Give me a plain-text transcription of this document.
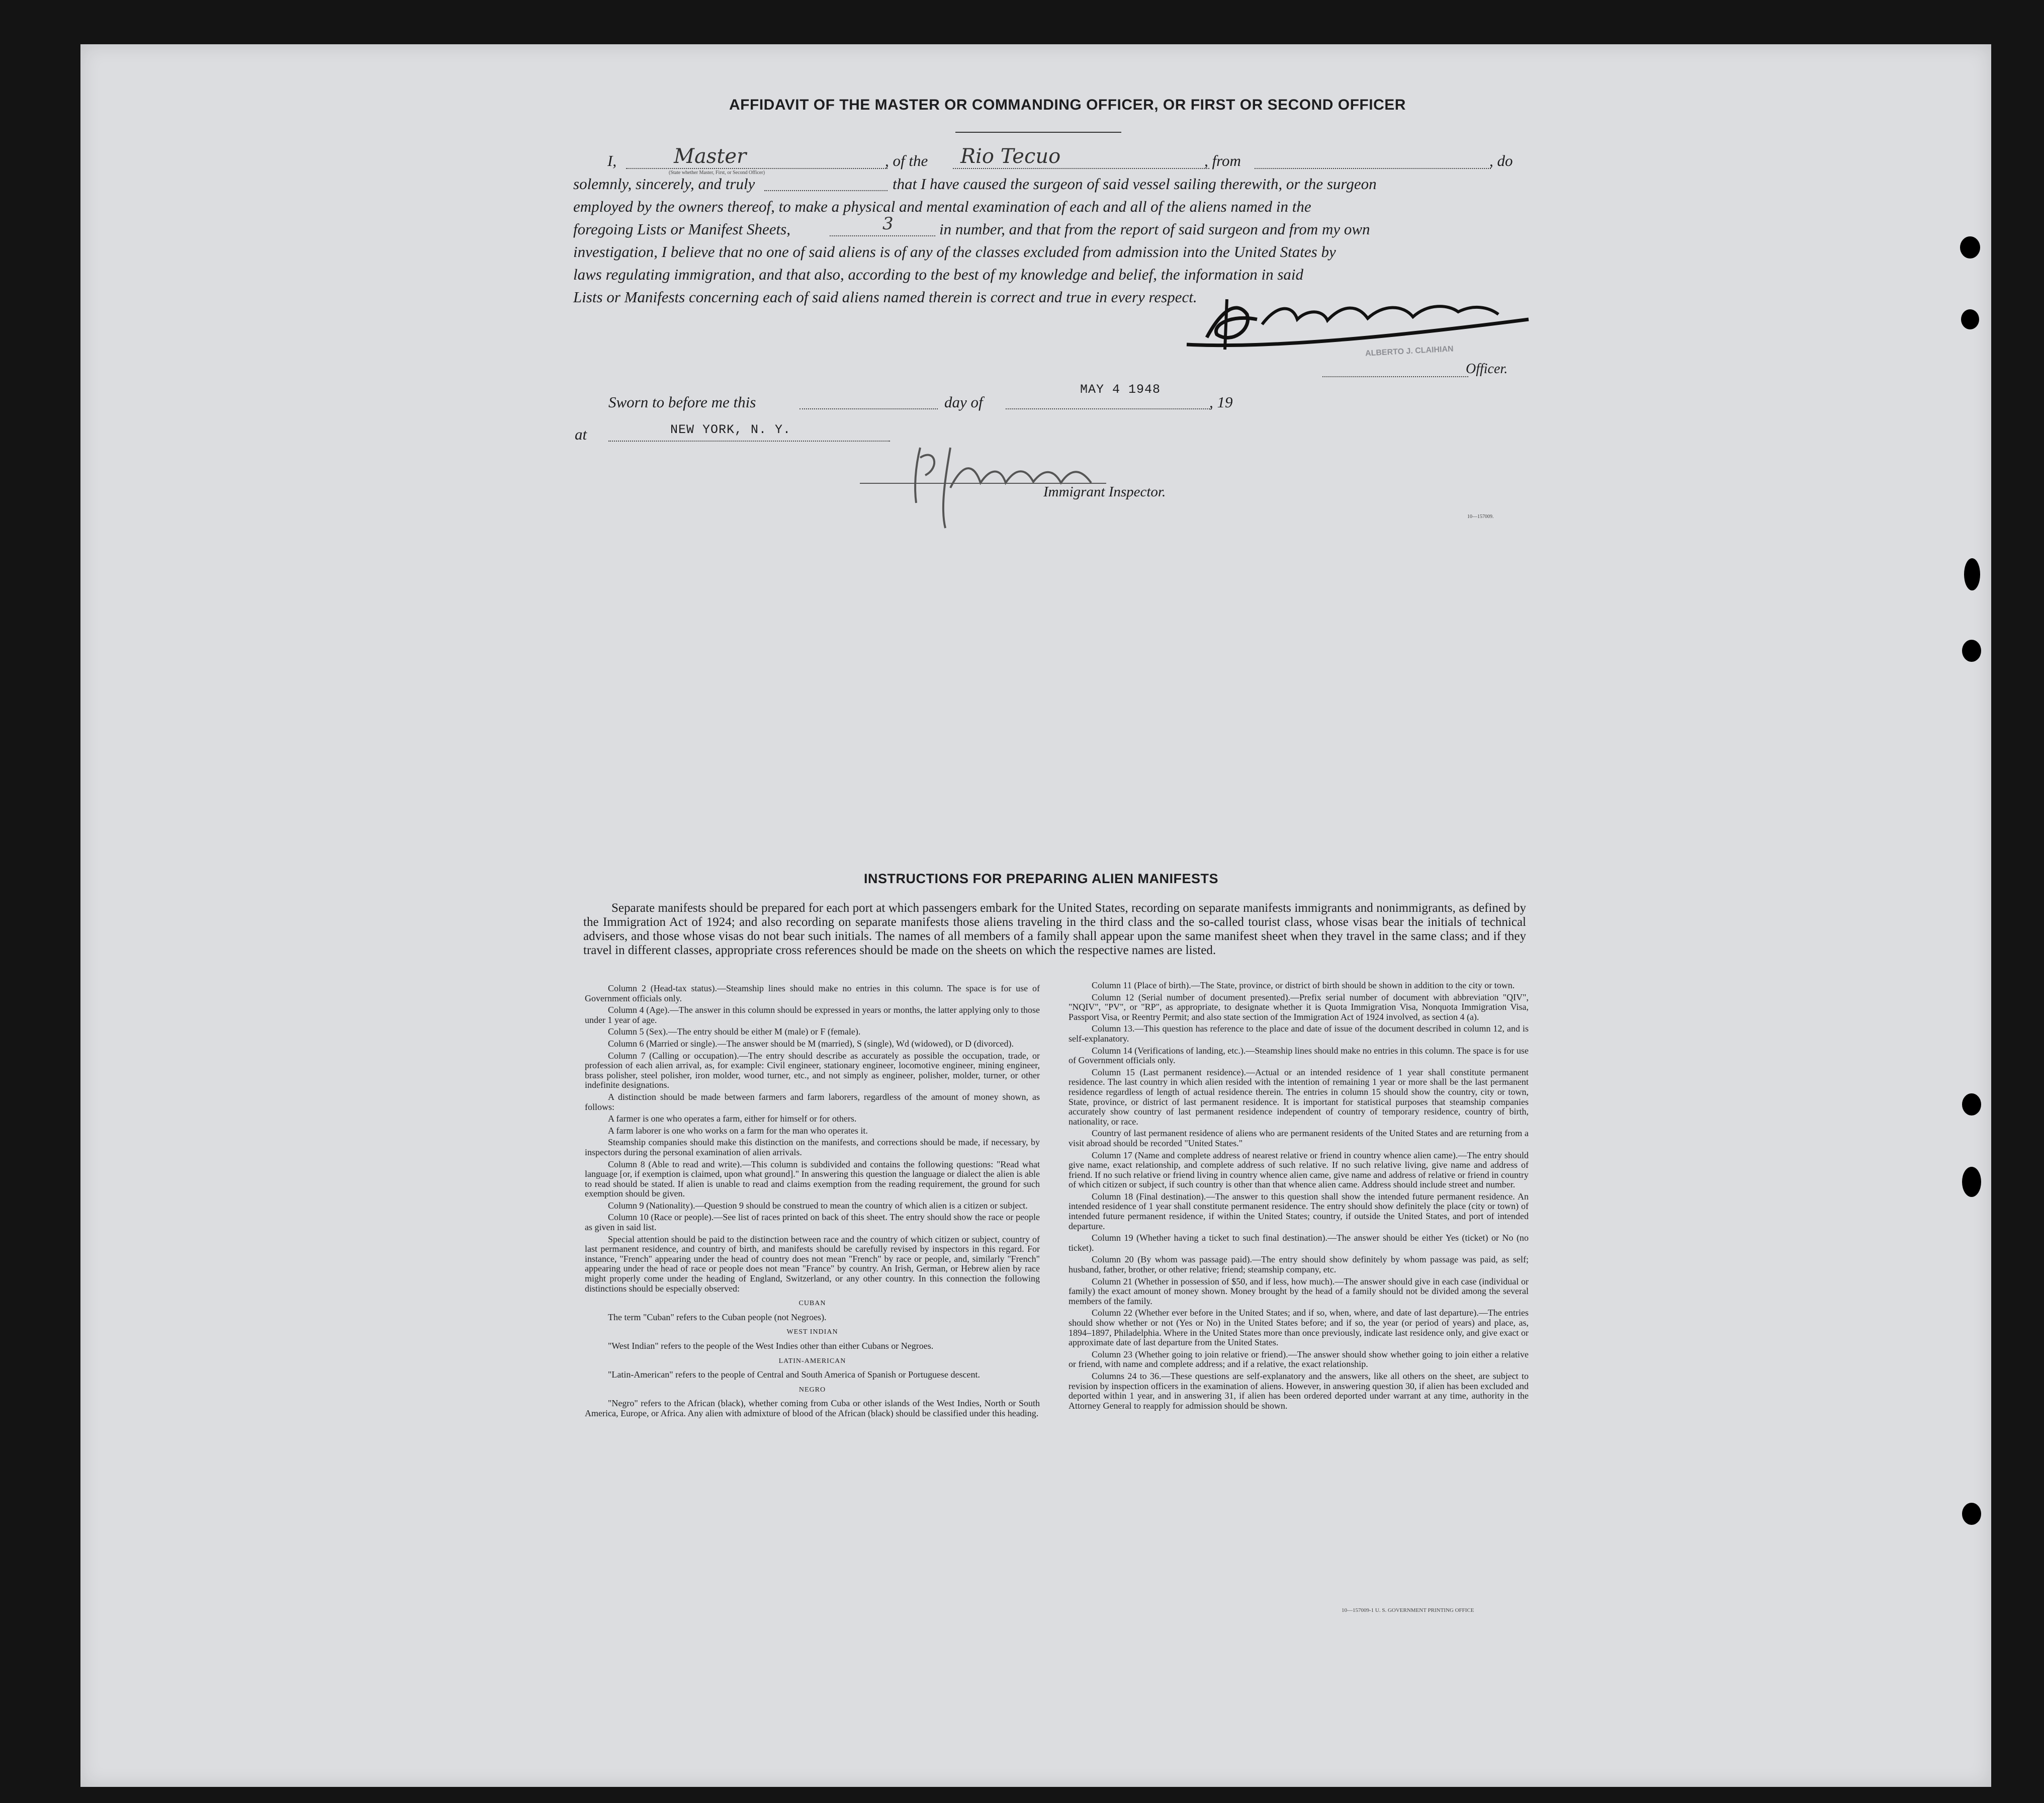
AFFIDAVIT OF THE MASTER OR COMMANDING OFFICER, OR FIRST OR SECOND OFFICER
I,	Master
(State whether Master, First, or Second Officer)
, of the Rio Tecuo	, from	, do
solemnly, sincerely, and truly	that I have caused the surgeon of said vessel sailing therewith, or the surgeon
employed by the owners thereof, to make a physical and mental examination of each and all of the aliens named in the
foregoing Lists or Manifest Sheets,	3	in number, and that from the report of said surgeon and from my own
investigation, I believe that no one of said aliens is of any of the classes excluded from admission into the United States by
laws regulating immigration, and that also, according to the best of my knowledge and belief, the information in said
Lists or Manifests concerning each of said aliens named therein is correct and true in every respect.
ALBERTO J. CLAIHIAN
Officer.
Sworn to before me this	day of
MAY 4 1948
, 19
at	NEW YORK, N. Y.
Immigrant Inspector.
10—157009.
INSTRUCTIONS FOR PREPARING ALIEN MANIFESTS
Separate manifests should be prepared for each port at which passengers embark for the United States, recording on separate manifests immigrants and nonimmigrants, as defined by the Immigration Act of 1924; and also recording on separate manifests those aliens traveling in the third class and the so-called tourist class, whose visas bear the initials of technical advisers, and those whose visas do not bear such initials. The names of all members of a family shall appear upon the same manifest sheet when they travel in the same class; and if they travel in different classes, appropriate cross references should be made on the sheets on which the respective names are listed.

Column 2 (Head-tax status).—Steamship lines should make no entries in this column. The space is for use of Government officials only.

Column 4 (Age).—The answer in this column should be expressed in years or months, the latter applying only to those under 1 year of age.

Column 5 (Sex).—The entry should be either M (male) or F (female).

Column 6 (Married or single).—The answer should be M (married), S (single), Wd (widowed), or D (divorced).

Column 7 (Calling or occupation).—The entry should describe as accurately as possible the occupation, trade, or profession of each alien arrival, as, for example: Civil engineer, stationary engineer, locomotive engineer, mining engineer, brass polisher, steel polisher, iron molder, wood turner, etc., and not simply as engineer, polisher, molder, turner, or other indefinite designations.

A distinction should be made between farmers and farm laborers, regardless of the amount of money shown, as follows:

A farmer is one who operates a farm, either for himself or for others.

A farm laborer is one who works on a farm for the man who operates it.

Steamship companies should make this distinction on the manifests, and corrections should be made, if necessary, by inspectors during the personal examination of alien arrivals.

Column 8 (Able to read and write).—This column is subdivided and contains the following questions: "Read what language [or, if exemption is claimed, upon what ground]." In answering this question the language or dialect the alien is able to read should be stated. If alien is unable to read and claims exemption from the reading requirement, the ground for such exemption should be given.

Column 9 (Nationality).—Question 9 should be construed to mean the country of which alien is a citizen or subject.

Column 10 (Race or people).—See list of races printed on back of this sheet. The entry should show the race or people as given in said list.

Special attention should be paid to the distinction between race and the country of which citizen or subject, country of last permanent residence, and country of birth, and manifests should be carefully revised by inspectors in this regard. For instance, "French" appearing under the head of country does not mean "French" by race or people, and, similarly "French" appearing under the head of race or people does not mean "France" by country. An Irish, German, or Hebrew alien by race might properly come under the heading of England, Switzerland, or any other country. In this connection the following distinctions should be especially observed:

CUBAN

The term "Cuban" refers to the Cuban people (not Negroes).

WEST INDIAN

"West Indian" refers to the people of the West Indies other than either Cubans or Negroes.

LATIN-AMERICAN

"Latin-American" refers to the people of Central and South America of Spanish or Portuguese descent.

NEGRO

"Negro" refers to the African (black), whether coming from Cuba or other islands of the West Indies, North or South America, Europe, or Africa. Any alien with admixture of blood of the African (black) should be classified under this heading.

Column 11 (Place of birth).—The State, province, or district of birth should be shown in addition to the city or town.

Column 12 (Serial number of document presented).—Prefix serial number of document with abbreviation "QIV", "NQIV", "PV", or "RP", as appropriate, to designate whether it is Quota Immigration Visa, Nonquota Immigration Visa, Passport Visa, or Reentry Permit; and also state section of the Immigration Act of 1924 involved, as section 4 (a).

Column 13.—This question has reference to the place and date of issue of the document described in column 12, and is self-explanatory.

Column 14 (Verifications of landing, etc.).—Steamship lines should make no entries in this column. The space is for use of Government officials only.

Column 15 (Last permanent residence).—Actual or an intended residence of 1 year shall constitute permanent residence. The last country in which alien resided with the intention of remaining 1 year or more shall be the last permanent residence regardless of length of actual residence therein. The entries in column 15 should show the country, city or town, State, province, or district of last permanent residence. It is important for statistical purposes that steamship companies accurately show country of last permanent residence independent of country of temporary residence, country of birth, nationality, or race.

Country of last permanent residence of aliens who are permanent residents of the United States and are returning from a visit abroad should be recorded "United States."

Column 17 (Name and complete address of nearest relative or friend in country whence alien came).—The entry should give name, exact relationship, and complete address of such relative. If no such relative living, give name and address of friend. If no such relative or friend living in country whence alien came, give name and address of relative or friend in country of which citizen or subject, if such country is other than that whence alien came. Address should include street and number.

Column 18 (Final destination).—The answer to this question shall show the intended future permanent residence. An intended residence of 1 year shall constitute permanent residence. The entry should show definitely the place (city or town) of intended future permanent residence, if within the United States; country, if outside the United States, and port of intended departure.

Column 19 (Whether having a ticket to such final destination).—The answer should be either Yes (ticket) or No (no ticket).

Column 20 (By whom was passage paid).—The entry should show definitely by whom passage was paid, as self; husband, father, brother, or other relative; friend; steamship company, etc.

Column 21 (Whether in possession of $50, and if less, how much).—The answer should give in each case (individual or family) the exact amount of money shown. Money brought by the head of a family should not be divided among the several members of the family.

Column 22 (Whether ever before in the United States; and if so, when, where, and date of last departure).—The entries should show whether or not (Yes or No) in the United States before; and if so, the year (or period of years) and place, as, 1894–1897, Philadelphia. Where in the United States more than once previously, indicate last residence only, and give exact or approximate date of last departure from the United States.

Column 23 (Whether going to join relative or friend).—The answer should show whether going to join either a relative or friend, with name and complete address; and if a relative, the exact relationship.

Columns 24 to 36.—These questions are self-explanatory and the answers, like all others on the sheet, are subject to revision by inspection officers in the examination of aliens. However, in answering question 30, if alien has been excluded and deported within 1 year, and in answering 31, if alien has been ordered deported under warrant at any time, authority in the Attorney General to reapply for admission should be shown.

10—157009-1 U. S. GOVERNMENT PRINTING OFFICE
